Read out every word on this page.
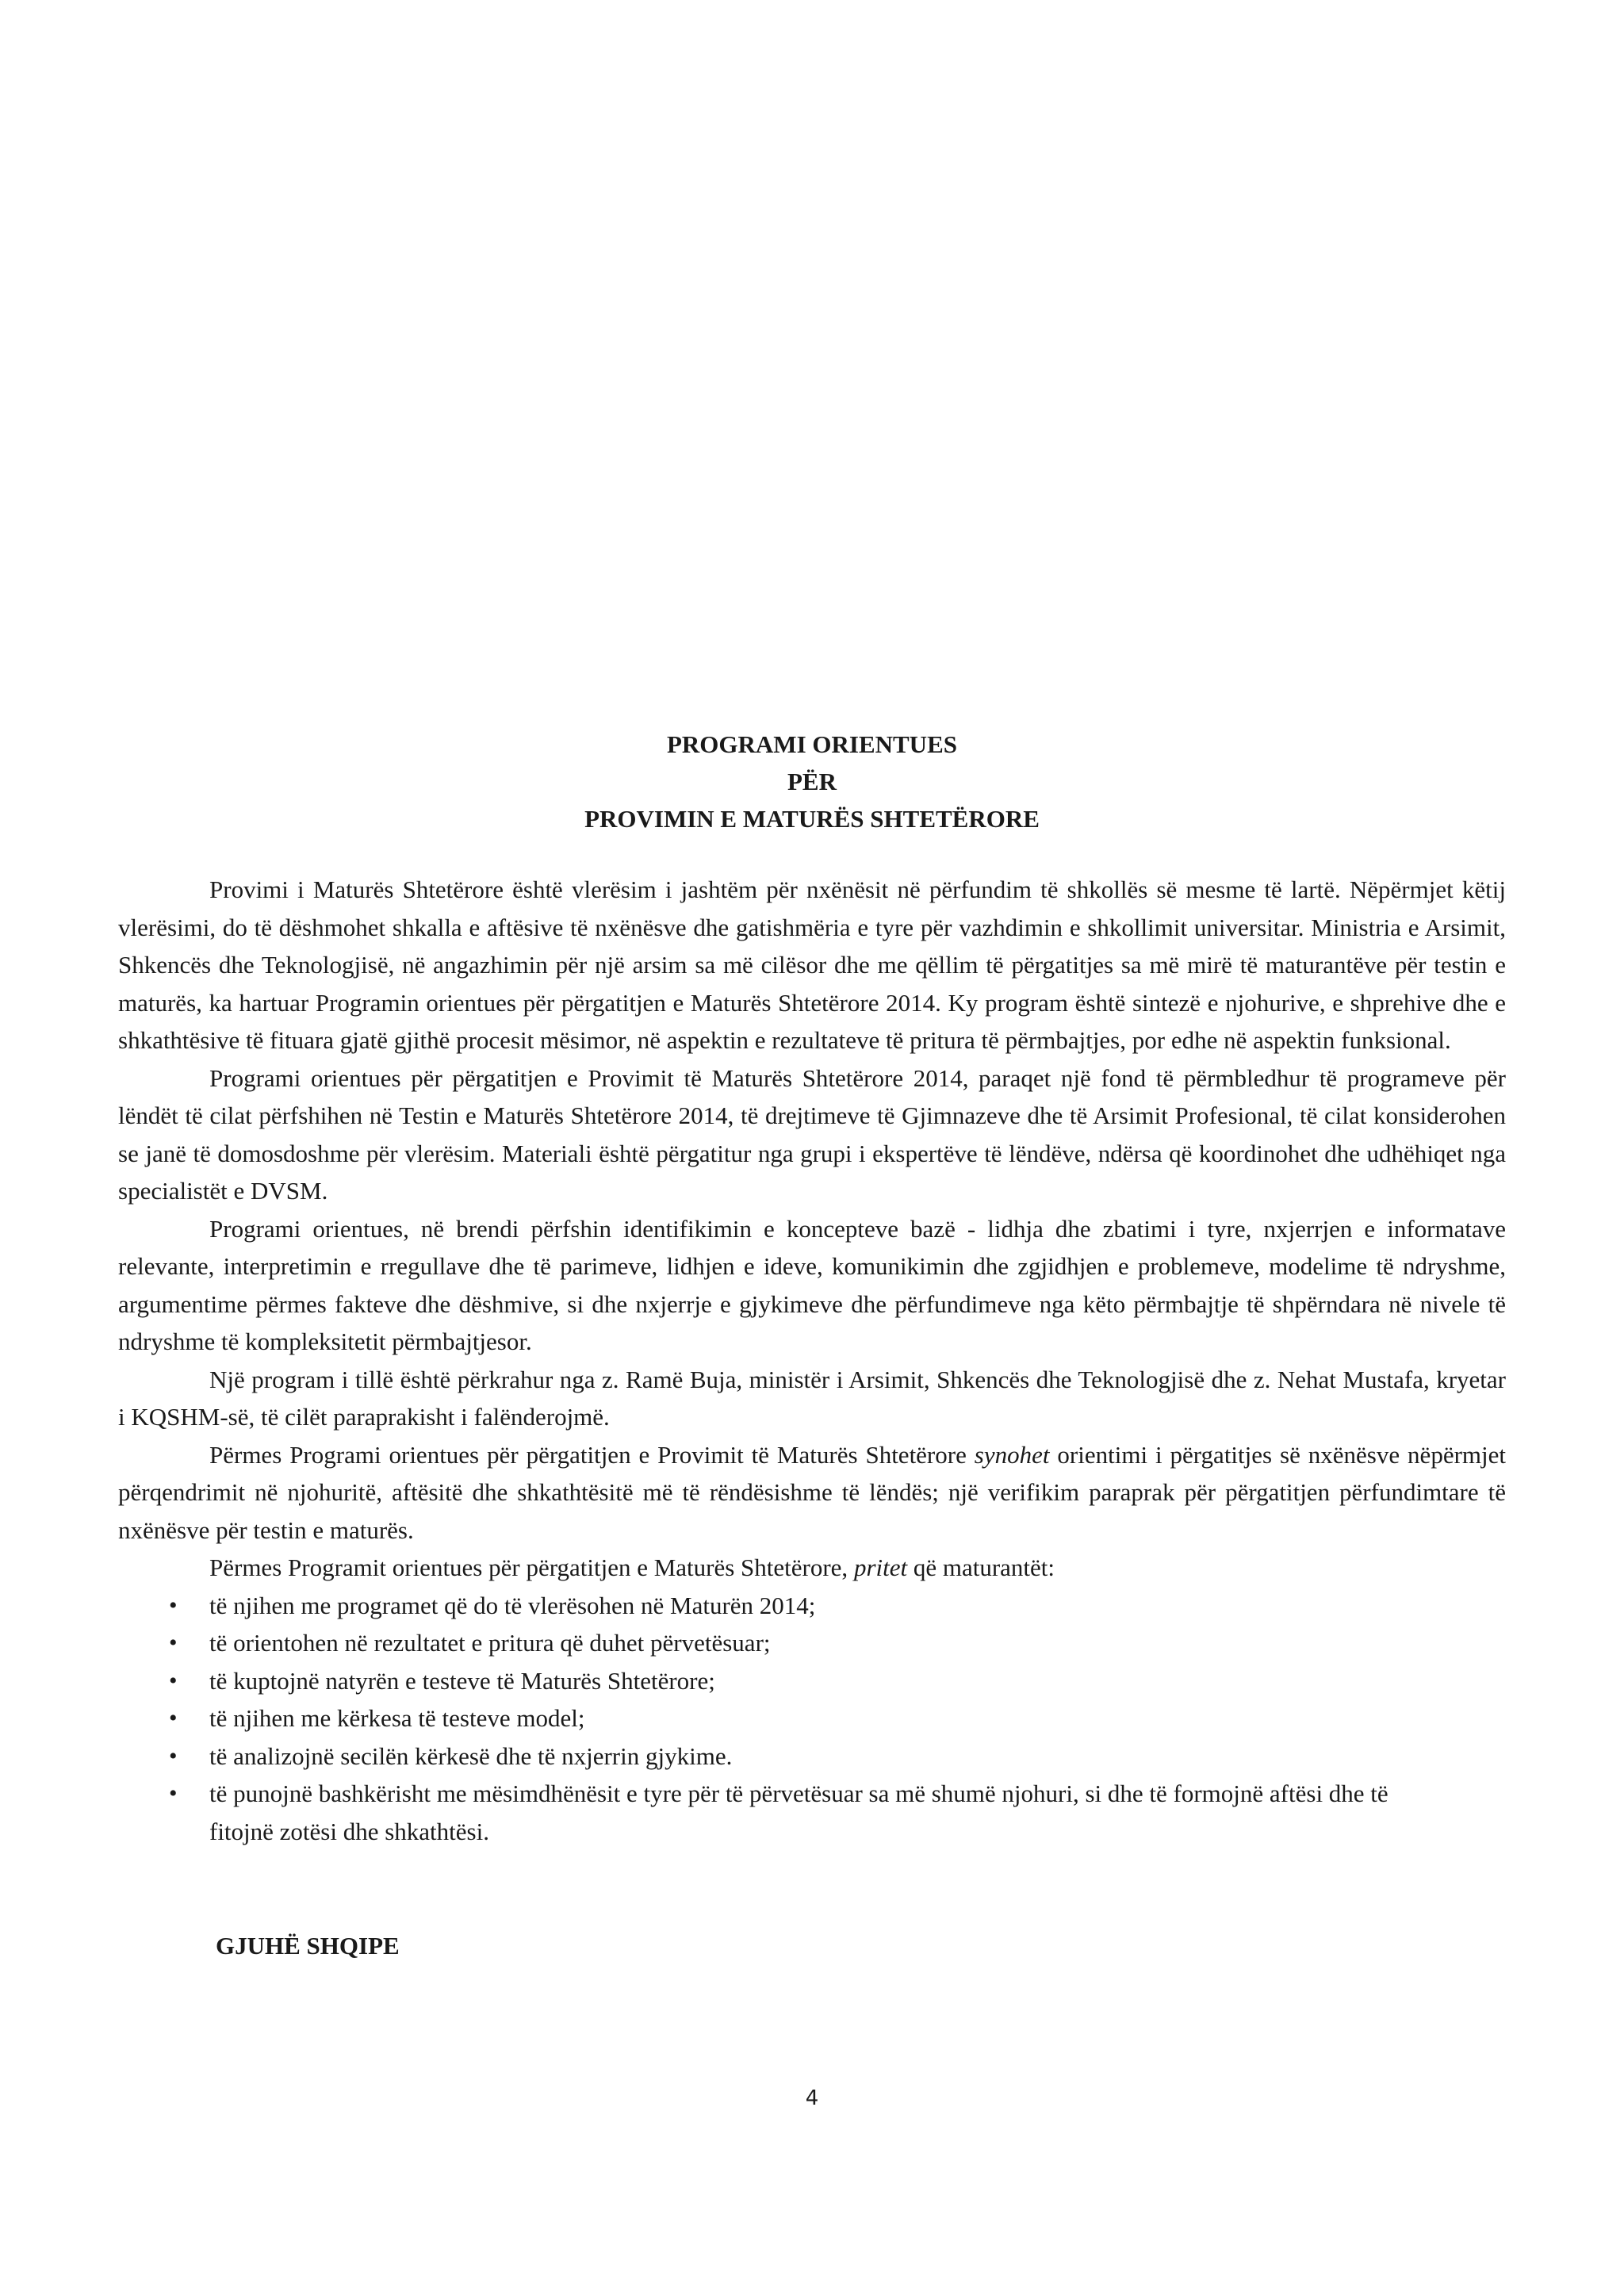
PROGRAMI ORIENTUES
PËR
PROVIMIN E MATURËS SHTETËRORE

Provimi i Maturës Shtetërore është vlerësim i jashtëm për nxënësit në përfundim të shkollës së mesme të lartë. Nëpërmjet këtij vlerësimi, do të dëshmohet shkalla e aftësive të nxënësve dhe gatishmëria e tyre për vazhdimin e shkollimit universitar. Ministria e Arsimit, Shkencës dhe Teknologjisë, në angazhimin për një arsim sa më cilësor dhe me qëllim të përgatitjes sa më mirë të maturantëve për testin e maturës, ka hartuar Programin orientues për përgatitjen e Maturës Shtetërore 2014. Ky program është sintezë e njohurive, e shprehive dhe e shkathtësive të fituara gjatë gjithë procesit mësimor, në aspektin e rezultateve të pritura të përmbajtjes, por edhe në aspektin funksional.

Programi orientues për përgatitjen e Provimit të Maturës Shtetërore 2014, paraqet një fond të përmbledhur të programeve për lëndët të cilat përfshihen në Testin e Maturës Shtetërore 2014, të drejtimeve të Gjimnazeve dhe të Arsimit Profesional, të cilat konsiderohen se janë të domosdoshme për vlerësim. Materiali është përgatitur nga grupi i ekspertëve të lëndëve, ndërsa që koordinohet dhe udhëhiqet nga specialistët e DVSM.

Programi orientues, në brendi përfshin identifikimin e koncepteve bazë - lidhja dhe zbatimi i tyre, nxjerrjen e informatave relevante, interpretimin e rregullave dhe të parimeve, lidhjen e ideve, komunikimin dhe zgjidhjen e problemeve, modelime të ndryshme, argumentime përmes fakteve dhe dëshmive, si dhe nxjerrje e gjykimeve dhe përfundimeve nga këto përmbajtje të shpërndara në nivele të ndryshme të kompleksitetit përmbajtjesor.

Një program i tillë është përkrahur nga z. Ramë Buja, ministër i Arsimit, Shkencës dhe Teknologjisë dhe z. Nehat Mustafa, kryetar i KQSHM-së, të cilët paraprakisht i falënderojmë.

Përmes Programi orientues për përgatitjen e Provimit të Maturës Shtetërore synohet orientimi i përgatitjes së nxënësve nëpërmjet përqendrimit në njohuritë, aftësitë dhe shkathtësitë më të rëndësishme të lëndës; një verifikim paraprak për përgatitjen përfundimtare të nxënësve për testin e maturës.

Përmes Programit orientues për përgatitjen e Maturës Shtetërore, pritet që maturantët:

• të njihen me programet që do të vlerësohen në Maturën 2014;
• të orientohen në rezultatet e pritura që duhet përvetësuar;
• të kuptojnë natyrën e testeve të Maturës Shtetërore;
• të njihen me kërkesa të testeve model;
• të analizojnë secilën kërkesë dhe të nxjerrin gjykime.
• të punojnë bashkërisht me mësimdhënësit e tyre për të përvetësuar sa më shumë njohuri, si dhe të formojnë aftësi dhe të fitojnë zotësi dhe shkathtësi.
GJUHË SHQIPE
4
